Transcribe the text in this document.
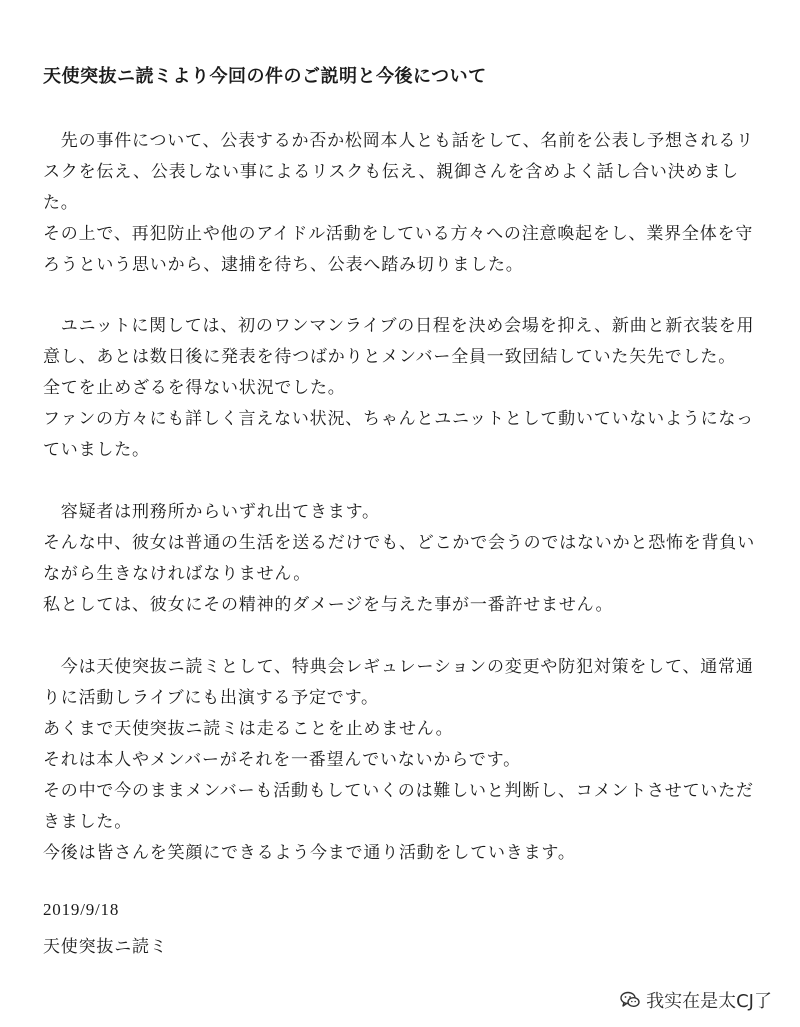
天使突抜ニ読ミより今回の件のご説明と今後について
　先の事件について、公表するか否か松岡本人とも話をして、名前を公表し予想されるリ
スクを伝え、公表しない事によるリスクも伝え、親御さんを含めよく話し合い決めまし
た。
その上で、再犯防止や他のアイドル活動をしている方々への注意喚起をし、業界全体を守
ろうという思いから、逮捕を待ち、公表へ踏み切りました。
　ユニットに関しては、初のワンマンライブの日程を決め会場を抑え、新曲と新衣装を用
意し、あとは数日後に発表を待つばかりとメンバー全員一致団結していた矢先でした。
全てを止めざるを得ない状況でした。
ファンの方々にも詳しく言えない状況、ちゃんとユニットとして動いていないようになっ
ていました。
　容疑者は刑務所からいずれ出てきます。
そんな中、彼女は普通の生活を送るだけでも、どこかで会うのではないかと恐怖を背負い
ながら生きなければなりません。
私としては、彼女にその精神的ダメージを与えた事が一番許せません。
　今は天使突抜ニ読ミとして、特典会レギュレーションの変更や防犯対策をして、通常通
りに活動しライブにも出演する予定です。
あくまで天使突抜ニ読ミは走ることを止めません。
それは本人やメンバーがそれを一番望んでいないからです。
その中で今のままメンバーも活動もしていくのは難しいと判断し、コメントさせていただ
きました。
今後は皆さんを笑顔にできるよう今まで通り活動をしていきます。
2019/9/18
天使突抜ニ読ミ
我实在是太CJ了
